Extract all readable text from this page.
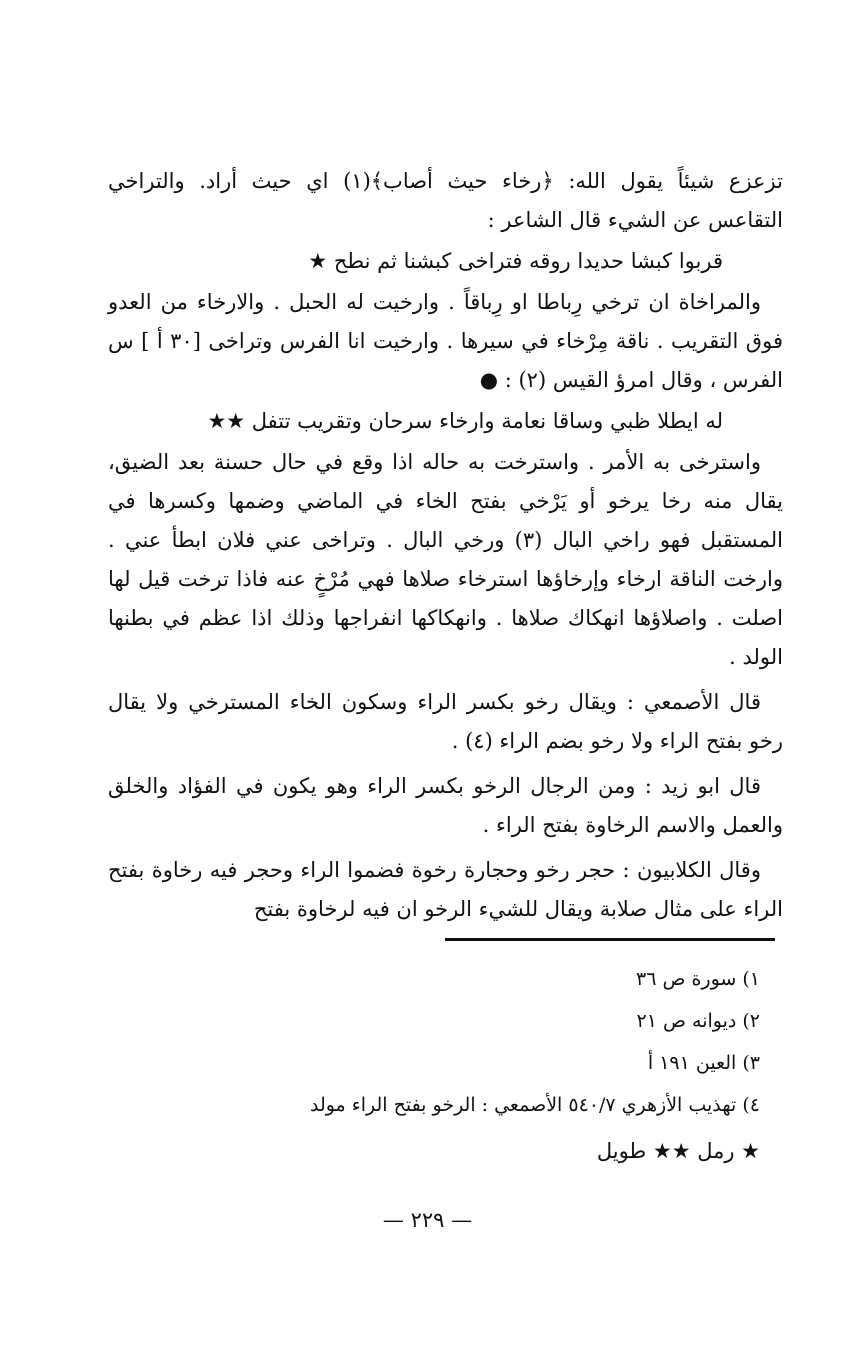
تزعزع شيئاً يقول الله: ﴿رخاء حيث أصاب﴾(١) اي حيث أراد. والتراخي التقاعس عن الشيء قال الشاعر :

قربوا كبشا حديدا روقه فتراخى كبشنا ثم نطح ★

والمراخاة ان ترخي رِباطا او رِباقاً . وارخيت له الحبل . والارخاء من العدو فوق التقريب . ناقة مِرْخاء في سيرها . وارخيت انا الفرس وتراخى [٣٠ أ ] س الفرس ، وقال امرؤ القيس (٢) : ●

له ايطلا ظبي وساقا نعامة وارخاء سرحان وتقريب تتفل ★★

واسترخى به الأمر . واسترخت به حاله اذا وقع في حال حسنة بعد الضيق، يقال منه رخا يرخو أو يَرْخي بفتح الخاء في الماضي وضمها وكسرها في المستقبل فهو راخي البال (٣) ورخي البال . وتراخى عني فلان ابطأ عني . وارخت الناقة ارخاء وإرخاؤها استرخاء صلاها فهي مُرْخٍ عنه فاذا ترخت قيل لها اصلت . واصلاؤها انهكاك صلاها . وانهكاكها انفراجها وذلك اذا عظم في بطنها الولد .

قال الأصمعي : ويقال رخو بكسر الراء وسكون الخاء المسترخي ولا يقال رخو بفتح الراء ولا رخو بضم الراء (٤) .

قال ابو زيد : ومن الرجال الرخو بكسر الراء وهو يكون في الفؤاد والخلق والعمل والاسم الرخاوة بفتح الراء .

وقال الكلابيون : حجر رخو وحجارة رخوة فضموا الراء وحجر فيه رخاوة بفتح الراء على مثال صلابة ويقال للشيء الرخو ان فيه لرخاوة بفتح

١) سورة ص ٣٦

٢) ديوانه ص ٢١

٣) العين ١٩١ أ

٤) تهذيب الأزهري ٥٤٠/٧ الأصمعي : الرخو بفتح الراء مولد

★ رمل ★★ طويل

— ٢٢٩ —
